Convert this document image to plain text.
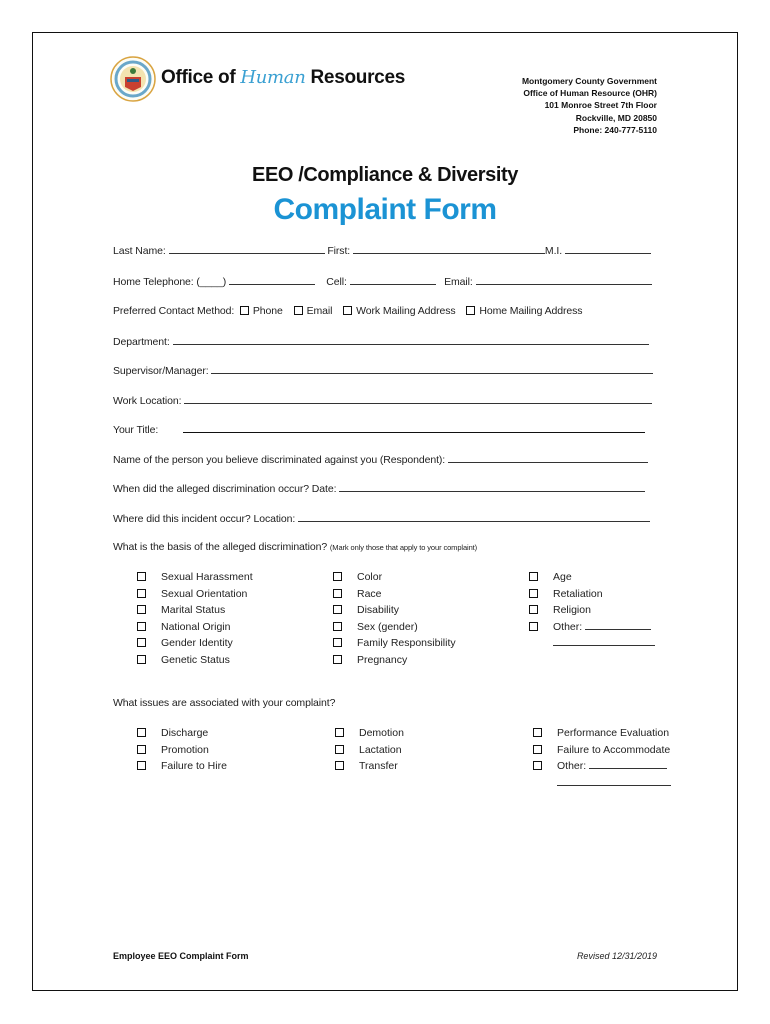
Office of Human Resources	Montgomery County Government
Office of Human Resource (OHR)
101 Monroe Street 7th Floor
Rockville, MD 20850
Phone: 240-777-5110
EEO /Compliance & Diversity
Complaint Form
Last Name:	First:	M.I.
Home Telephone: (____)	Cell:	Email:
Preferred Contact Method: Phone Email Work Mailing Address Home Mailing Address
Department:
Supervisor/Manager:
Work Location:
Your Title:
Name of the person you believe discriminated against you (Respondent):
When did the alleged discrimination occur? Date:
Where did this incident occur? Location:
What is the basis of the alleged discrimination? (Mark only those that apply to your complaint)
Sexual Harassment
Sexual Orientation
Marital Status
National Origin
Gender Identity
Genetic Status
Color
Race
Disability
Sex (gender)
Family Responsibility
Pregnancy
Age
Retaliation
Religion
Other:
What issues are associated with your complaint?
Discharge
Promotion
Failure to Hire
Demotion
Lactation
Transfer
Performance Evaluation
Failure to Accommodate
Other:
Employee EEO Complaint Form	Revised 12/31/2019
